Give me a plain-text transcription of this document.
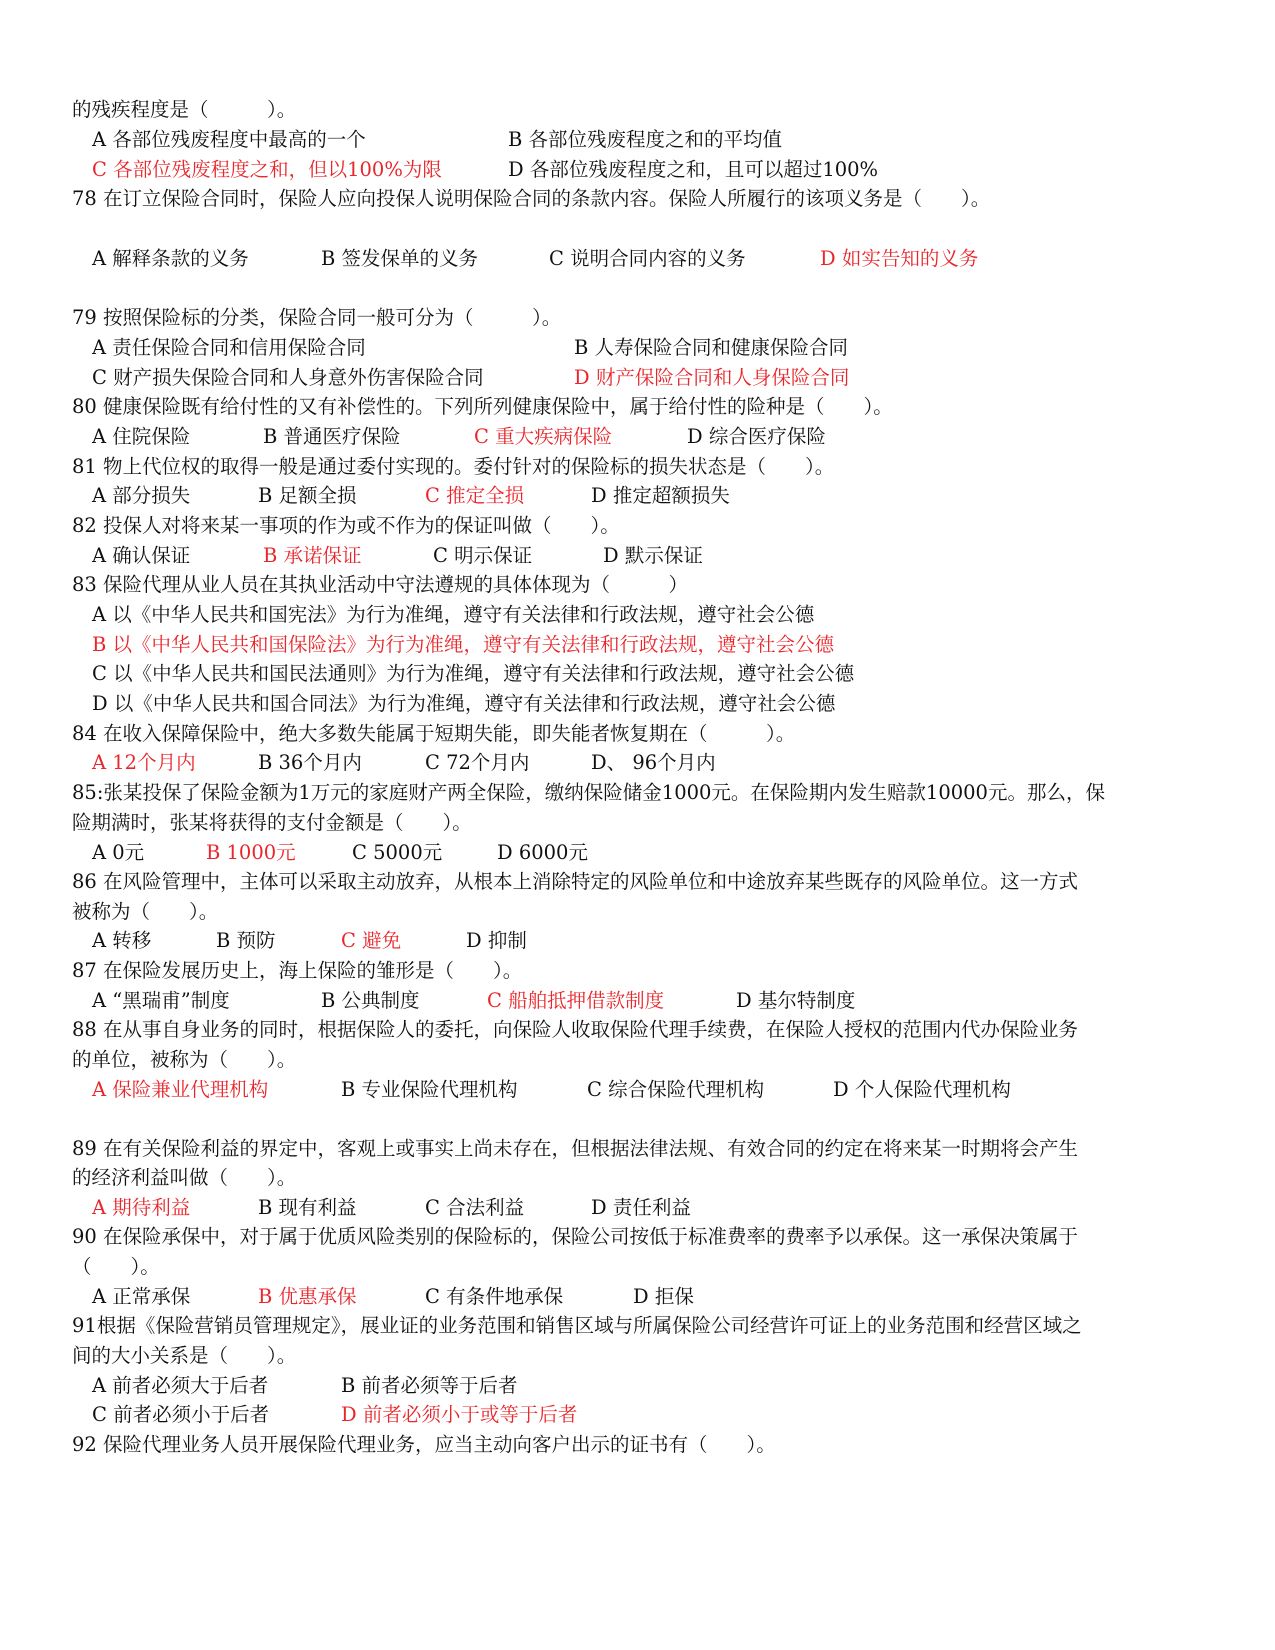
的残疾程度是（　　　）。
A 各部位残废程度中最高的一个	B 各部位残废程度之和的平均值
C 各部位残废程度之和，但以100%为限	D 各部位残废程度之和，且可以超过100%
78 在订立保险合同时，保险人应向投保人说明保险合同的条款内容。保险人所履行的该项义务是（　　）。
A 解释条款的义务	B 签发保单的义务	C 说明合同内容的义务	D 如实告知的义务
79 按照保险标的分类，保险合同一般可分为（　　　）。
A 责任保险合同和信用保险合同	B 人寿保险合同和健康保险合同
C 财产损失保险合同和人身意外伤害保险合同	D 财产保险合同和人身保险合同
80 健康保险既有给付性的又有补偿性的。下列所列健康保险中，属于给付性的险种是（　　）。
A 住院保险	B 普通医疗保险	C 重大疾病保险	D 综合医疗保险
81 物上代位权的取得一般是通过委付实现的。委付针对的保险标的损失状态是（　　）。
A 部分损失	B 足额全损	C 推定全损	D 推定超额损失
82 投保人对将来某一事项的作为或不作为的保证叫做（　　）。
A 确认保证	B 承诺保证	C 明示保证	D 默示保证
83 保险代理从业人员在其执业活动中守法遵规的具体体现为（　　　）
A 以《中华人民共和国宪法》为行为准绳，遵守有关法律和行政法规，遵守社会公德
B 以《中华人民共和国保险法》为行为准绳，遵守有关法律和行政法规，遵守社会公德
C 以《中华人民共和国民法通则》为行为准绳，遵守有关法律和行政法规，遵守社会公德
D 以《中华人民共和国合同法》为行为准绳，遵守有关法律和行政法规，遵守社会公德
84 在收入保障保险中，绝大多数失能属于短期失能，即失能者恢复期在（　　　）。
A 12个月内	B 36个月内	C 72个月内	D、 96个月内
85:张某投保了保险金额为1万元的家庭财产两全保险，缴纳保险储金1000元。在保险期内发生赔款10000元。那么，保
险期满时，张某将获得的支付金额是（　　）。
A 0元	B 1000元	C 5000元	D 6000元
86 在风险管理中，主体可以采取主动放弃，从根本上消除特定的风险单位和中途放弃某些既存的风险单位。这一方式
被称为（　　）。
A 转移	B 预防	C 避免	D 抑制
87 在保险发展历史上，海上保险的雏形是（　　）。
A “黑瑞甫”制度	B 公典制度	C 船舶抵押借款制度	D 基尔特制度
88 在从事自身业务的同时，根据保险人的委托，向保险人收取保险代理手续费，在保险人授权的范围内代办保险业务
的单位，被称为（　　）。
A 保险兼业代理机构	B 专业保险代理机构	C 综合保险代理机构	D 个人保险代理机构
89 在有关保险利益的界定中，客观上或事实上尚未存在，但根据法律法规、有效合同的约定在将来某一时期将会产生
的经济利益叫做（　　）。
A 期待利益	B 现有利益	C 合法利益	D 责任利益
90 在保险承保中，对于属于优质风险类别的保险标的，保险公司按低于标准费率的费率予以承保。这一承保决策属于
（　　）。
A 正常承保	B 优惠承保	C 有条件地承保	D 拒保
91根据《保险营销员管理规定》，展业证的业务范围和销售区域与所属保险公司经营许可证上的业务范围和经营区域之
间的大小关系是（　　）。
A 前者必须大于后者	B 前者必须等于后者
C 前者必须小于后者	D 前者必须小于或等于后者
92 保险代理业务人员开展保险代理业务，应当主动向客户出示的证书有（　　）。
